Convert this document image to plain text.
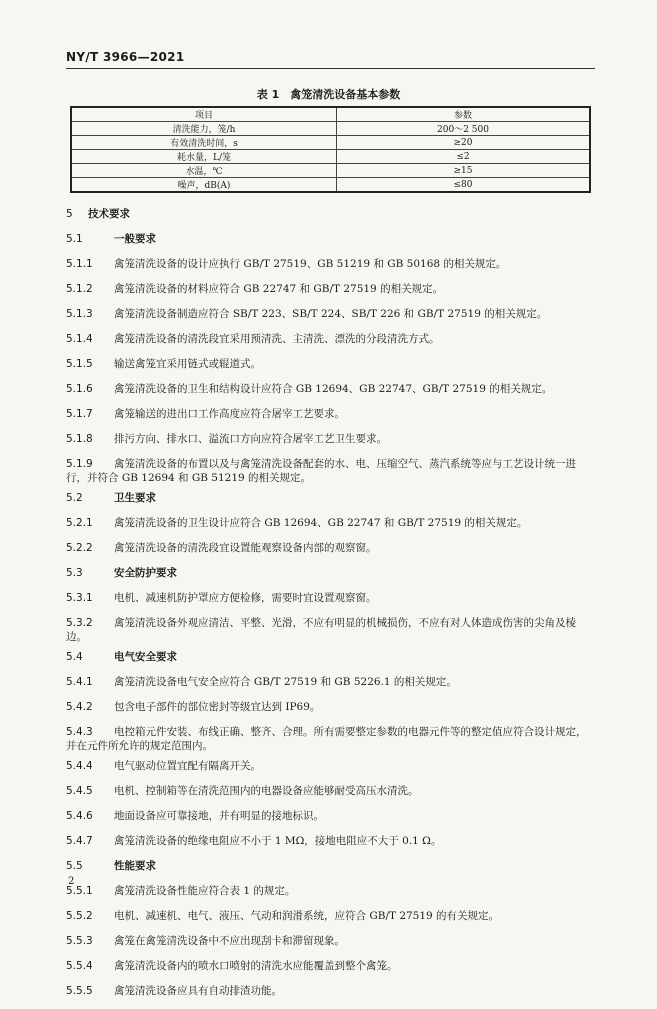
NY/T 3966—2021
表 1　禽笼清洗设备基本参数
项目	参数
清洗能力，笼/h	200～2 500
有效清洗时间，s	≥20
耗水量，L/笼	≤2
水温，℃	≥15
噪声，dB(A)	≤80
5 技术要求
5.1	一般要求
5.1.1 禽笼清洗设备的设计应执行 GB/T 27519、GB 51219 和 GB 50168 的相关规定。
5.1.2 禽笼清洗设备的材料应符合 GB 22747 和 GB/T 27519 的相关规定。
5.1.3 禽笼清洗设备制造应符合 SB/T 223、SB/T 224、SB/T 226 和 GB/T 27519 的相关规定。
5.1.4 禽笼清洗设备的清洗段宜采用预清洗、主清洗、漂洗的分段清洗方式。
5.1.5 输送禽笼宜采用链式或辊道式。
5.1.6 禽笼清洗设备的卫生和结构设计应符合 GB 12694、GB 22747、GB/T 27519 的相关规定。
5.1.7 禽笼输送的进出口工作高度应符合屠宰工艺要求。
5.1.8 排污方向、排水口、溢流口方向应符合屠宰工艺卫生要求。
5.1.9 禽笼清洗设备的布置以及与禽笼清洗设备配套的水、电、压缩空气、蒸汽系统等应与工艺设计统一进行，并符合 GB 12694 和 GB 51219 的相关规定。
5.2	卫生要求
5.2.1 禽笼清洗设备的卫生设计应符合 GB 12694、GB 22747 和 GB/T 27519 的相关规定。
5.2.2 禽笼清洗设备的清洗段宜设置能观察设备内部的观察窗。
5.3	安全防护要求
5.3.1 电机、减速机防护罩应方便检修，需要时宜设置观察窗。
5.3.2 禽笼清洗设备外观应清洁、平整、光滑，不应有明显的机械损伤，不应有对人体造成伤害的尖角及棱边。
5.4	电气安全要求
5.4.1 禽笼清洗设备电气安全应符合 GB/T 27519 和 GB 5226.1 的相关规定。
5.4.2 包含电子部件的部位密封等级宜达到 IP69。
5.4.3 电控箱元件安装、布线正确、整齐、合理。所有需要整定参数的电器元件等的整定值应符合设计规定，并在元件所允许的规定范围内。
5.4.4 电气驱动位置宜配有隔离开关。
5.4.5 电机、控制箱等在清洗范围内的电器设备应能够耐受高压水清洗。
5.4.6 地面设备应可靠接地，并有明显的接地标识。
5.4.7 禽笼清洗设备的绝缘电阻应不小于 1 MΩ，接地电阻应不大于 0.1 Ω。
5.5	性能要求
5.5.1 禽笼清洗设备性能应符合表 1 的规定。
5.5.2 电机、减速机、电气、液压、气动和润滑系统，应符合 GB/T 27519 的有关规定。
5.5.3 禽笼在禽笼清洗设备中不应出现刮卡和滞留现象。
5.5.4 禽笼清洗设备内的喷水口喷射的清洗水应能覆盖到整个禽笼。
5.5.5 禽笼清洗设备应具有自动排渣功能。
2
